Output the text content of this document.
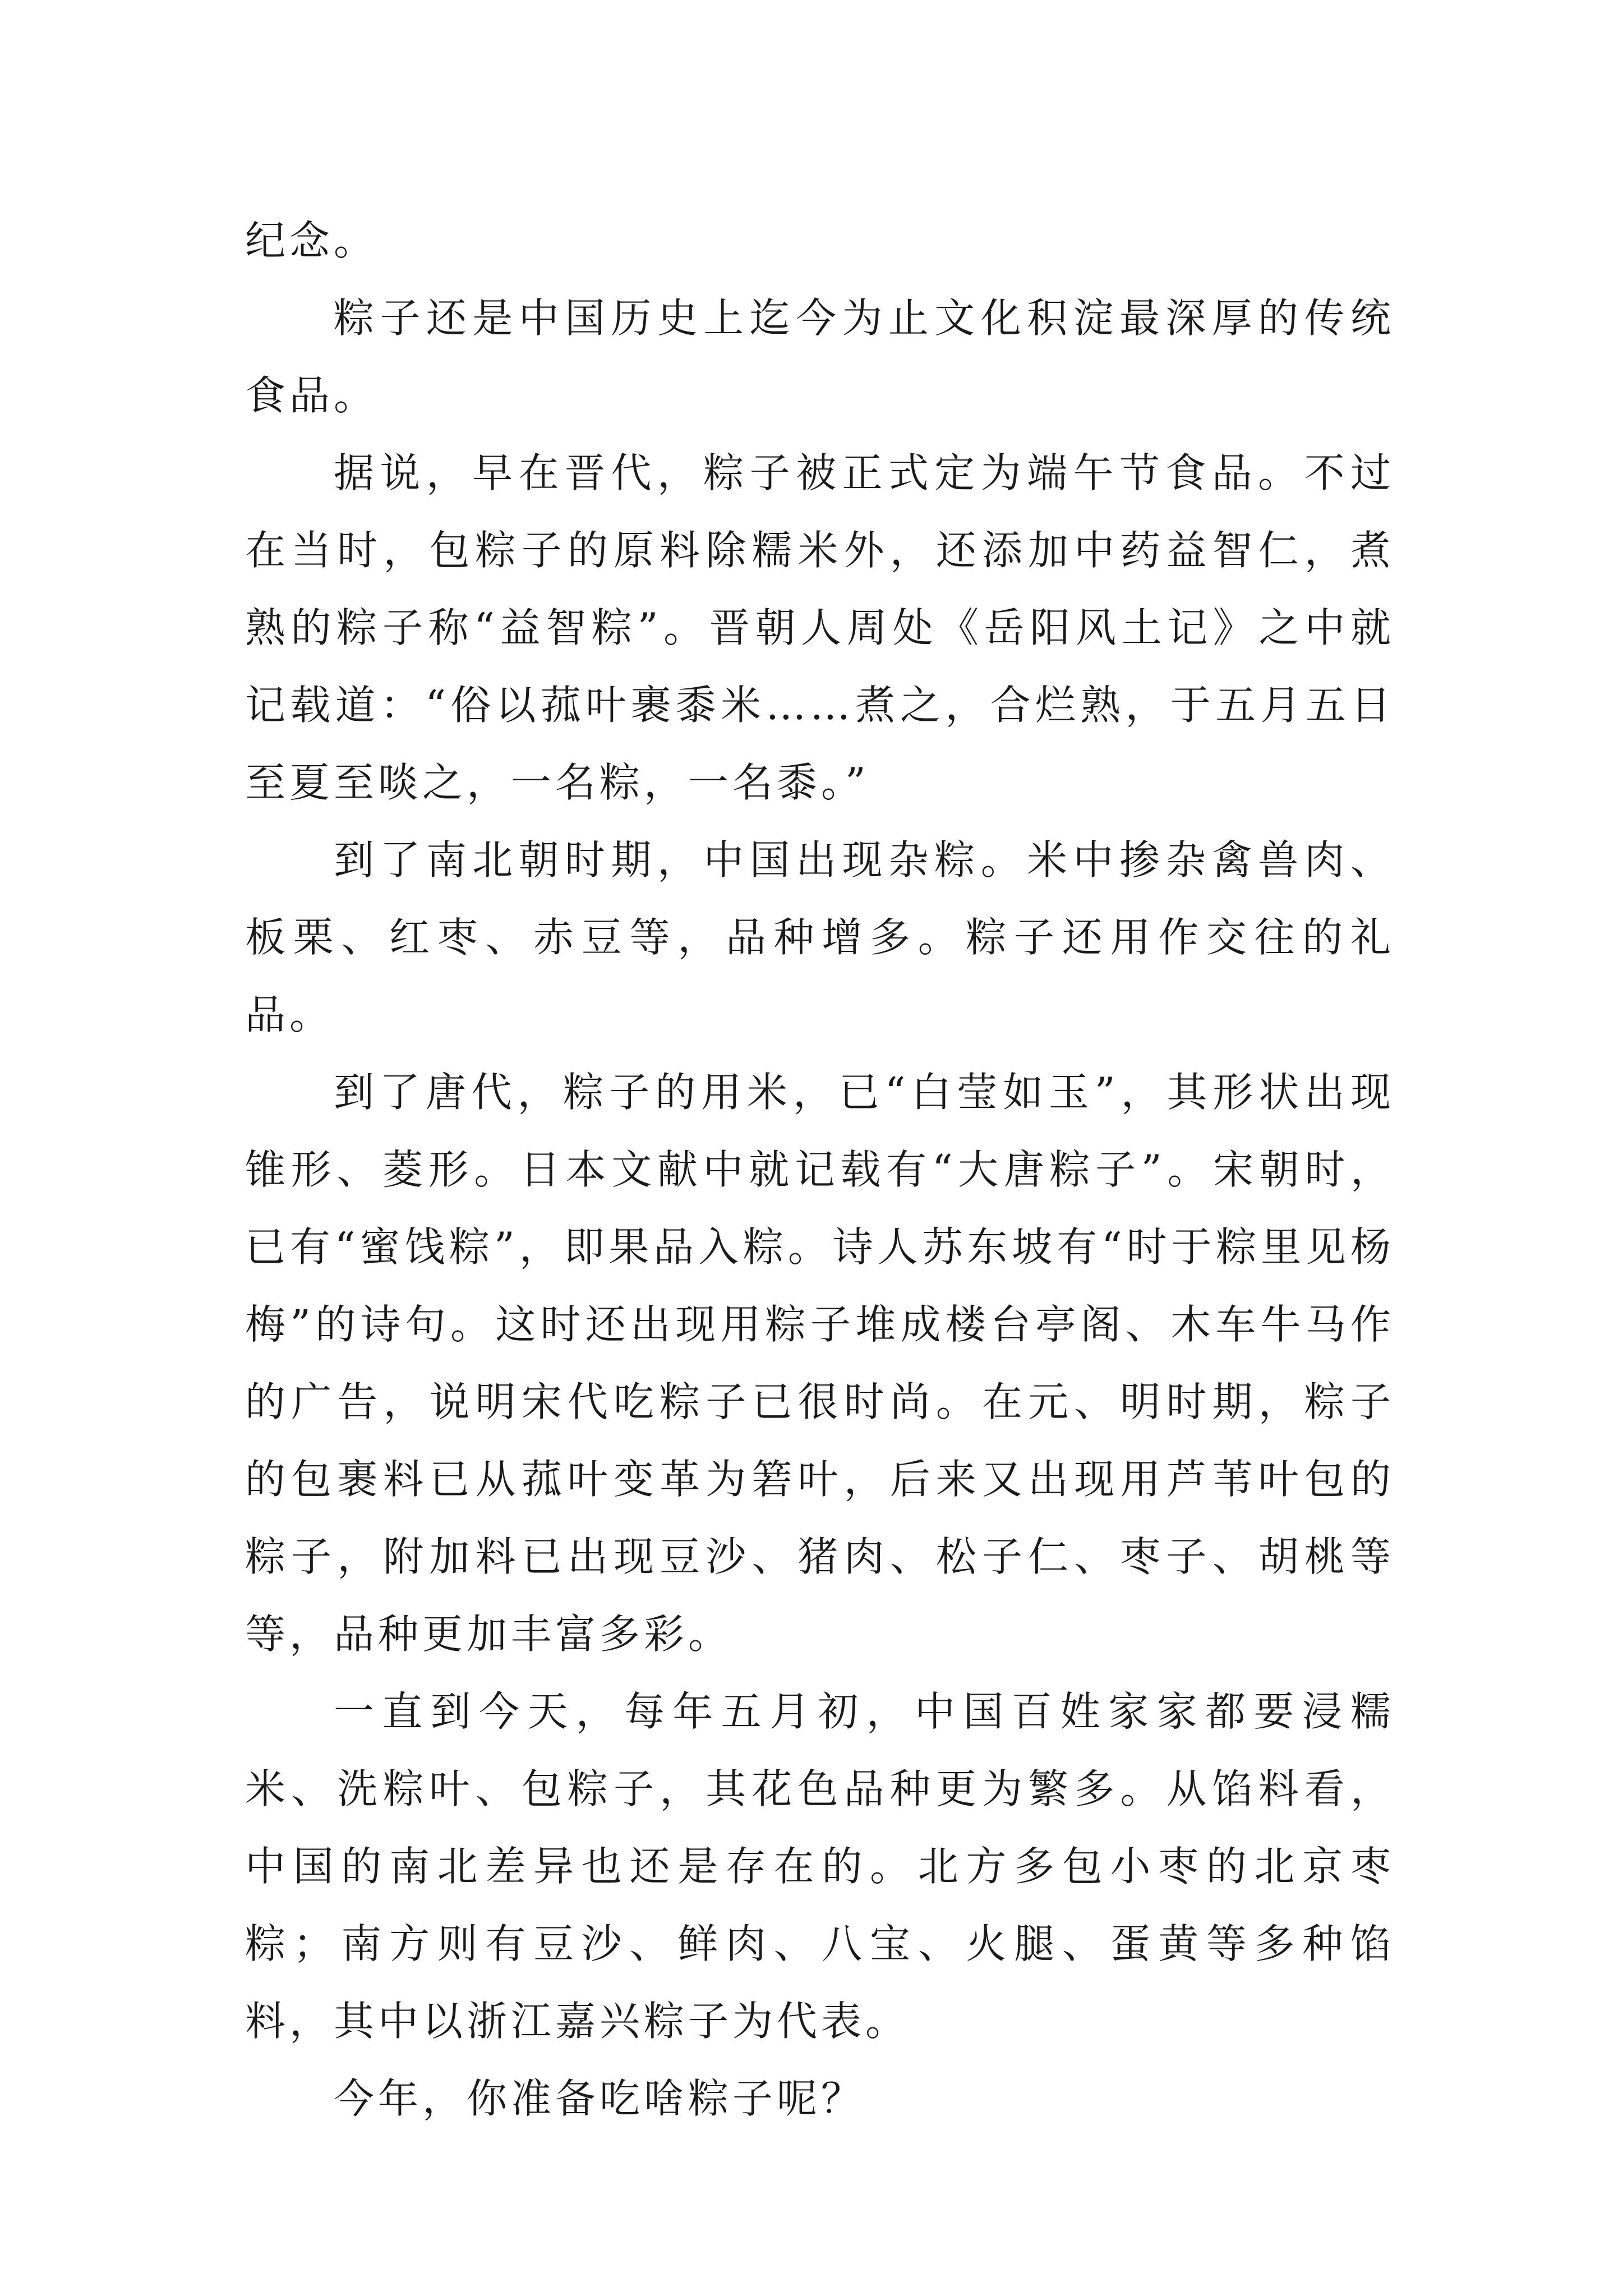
纪念。

粽子还是中国历史上迄今为止文化积淀最深厚的传统食品。

据说，早在晋代，粽子被正式定为端午节食品。不过在当时，包粽子的原料除糯米外，还添加中药益智仁，煮熟的粽子称“益智粽”。晋朝人周处《岳阳风土记》之中就记载道：“俗以菰叶裹黍米……煮之，合烂熟，于五月五日至夏至啖之，一名粽，一名黍。”

到了南北朝时期，中国出现杂粽。米中掺杂禽兽肉、板栗、红枣、赤豆等，品种增多。粽子还用作交往的礼品。

到了唐代，粽子的用米，已“白莹如玉”，其形状出现锥形、菱形。日本文献中就记载有“大唐粽子”。宋朝时，已有“蜜饯粽”，即果品入粽。诗人苏东坡有“时于粽里见杨梅”的诗句。这时还出现用粽子堆成楼台亭阁、木车牛马作的广告，说明宋代吃粽子已很时尚。在元、明时期，粽子的包裹料已从菰叶变革为箬叶，后来又出现用芦苇叶包的粽子，附加料已出现豆沙、猪肉、松子仁、枣子、胡桃等等，品种更加丰富多彩。

一直到今天，每年五月初，中国百姓家家都要浸糯米、洗粽叶、包粽子，其花色品种更为繁多。从馅料看，中国的南北差异也还是存在的。北方多包小枣的北京枣粽；南方则有豆沙、鲜肉、八宝、火腿、蛋黄等多种馅料，其中以浙江嘉兴粽子为代表。

今年，你准备吃啥粽子呢？
